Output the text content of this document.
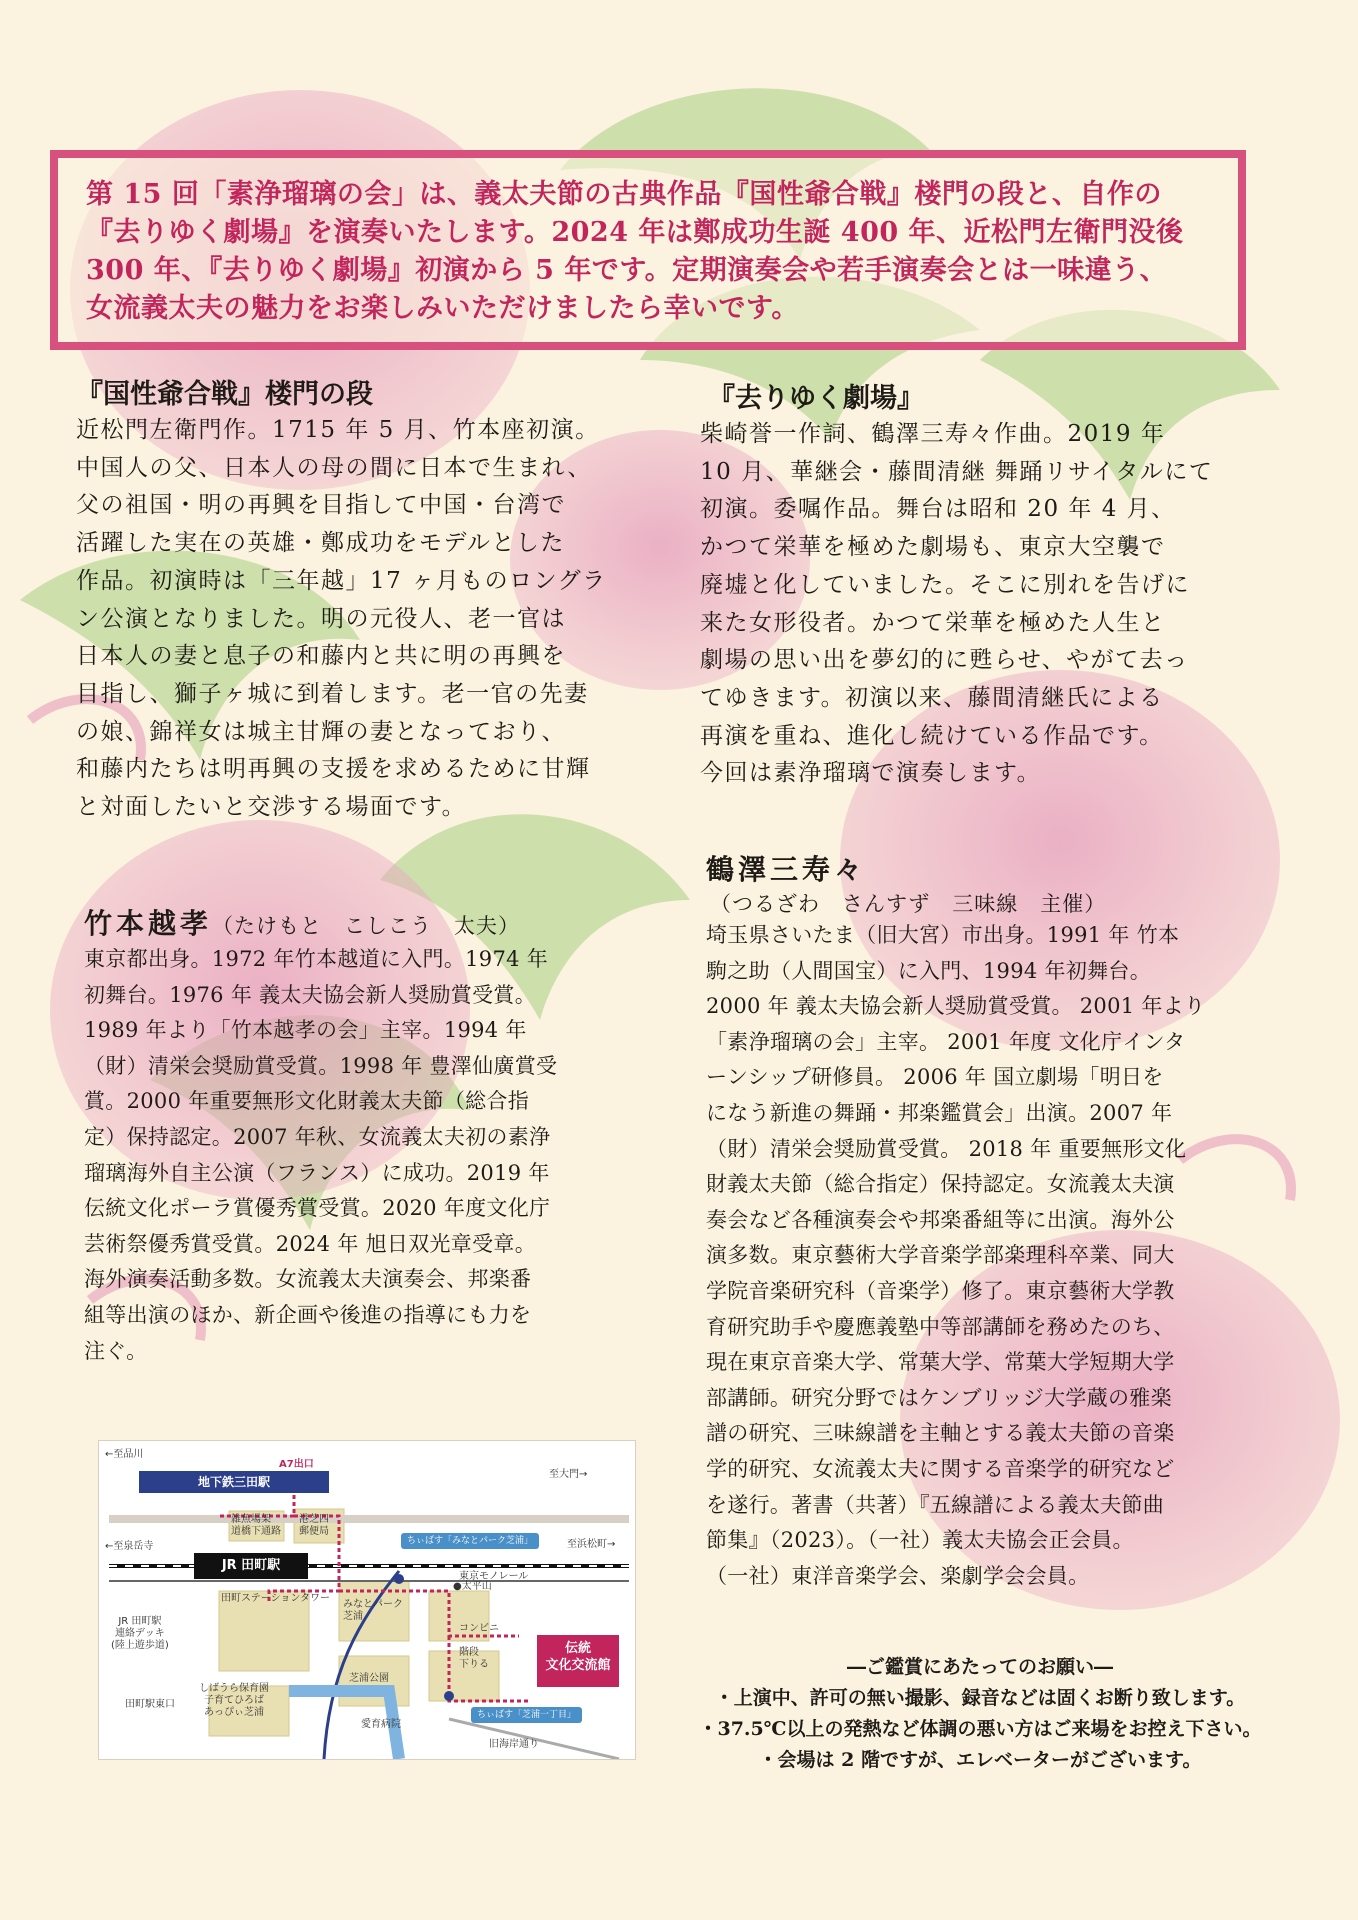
第 15 回「素浄瑠璃の会」は、義太夫節の古典作品『国性爺合戦』楼門の段と、自作の

『去りゆく劇場』を演奏いたします。2024 年は鄭成功生誕 400 年、近松門左衛門没後

300 年、『去りゆく劇場』初演から 5 年です。定期演奏会や若手演奏会とは一味違う、

女流義太夫の魅力をお楽しみいただけましたら幸いです。

『国性爺合戦』楼門の段

近松門左衛門作。1715 年 5 月、竹本座初演。

中国人の父、日本人の母の間に日本で生まれ、

父の祖国・明の再興を目指して中国・台湾で

活躍した実在の英雄・鄭成功をモデルとした

作品。初演時は「三年越」17 ヶ月ものロングラ

ン公演となりました。明の元役人、老一官は

日本人の妻と息子の和藤内と共に明の再興を

目指し、獅子ヶ城に到着します。老一官の先妻

の娘、錦祥女は城主甘輝の妻となっており、

和藤内たちは明再興の支援を求めるために甘輝

と対面したいと交渉する場面です。

『去りゆく劇場』

柴崎誉一作詞、鶴澤三寿々作曲。2019 年

10 月、華継会・藤間清継 舞踊リサイタルにて

初演。委嘱作品。舞台は昭和 20 年 4 月、

かつて栄華を極めた劇場も、東京大空襲で

廃墟と化していました。そこに別れを告げに

来た女形役者。かつて栄華を極めた人生と

劇場の思い出を夢幻的に甦らせ、やがて去っ

てゆきます。初演以来、藤間清継氏による

再演を重ね、進化し続けている作品です。

今回は素浄瑠璃で演奏します。

竹本越孝（たけもと　こしこう　太夫）

東京都出身。1972 年竹本越道に入門。1974 年

初舞台。1976 年 義太夫協会新人奨励賞受賞。

1989 年より「竹本越孝の会」主宰。1994 年

（財）清栄会奨励賞受賞。1998 年 豊澤仙廣賞受

賞。2000 年重要無形文化財義太夫節（総合指

定）保持認定。2007 年秋、女流義太夫初の素浄

瑠璃海外自主公演（フランス）に成功。2019 年

伝統文化ポーラ賞優秀賞受賞。2020 年度文化庁

芸術祭優秀賞受賞。2024 年 旭日双光章受章。

海外演奏活動多数。女流義太夫演奏会、邦楽番

組等出演のほか、新企画や後進の指導にも力を

注ぐ。

鶴澤三寿々

（つるざわ　さんすず　三味線　主催）

埼玉県さいたま（旧大宮）市出身。1991 年 竹本

駒之助（人間国宝）に入門、1994 年初舞台。

2000 年 義太夫協会新人奨励賞受賞。 2001 年より

「素浄瑠璃の会」主宰。 2001 年度 文化庁インタ

ーンシップ研修員。 2006 年 国立劇場「明日を

になう新進の舞踊・邦楽鑑賞会」出演。2007 年

（財）清栄会奨励賞受賞。 2018 年 重要無形文化

財義太夫節（総合指定）保持認定。女流義太夫演

奏会など各種演奏会や邦楽番組等に出演。海外公

演多数。東京藝術大学音楽学部楽理科卒業、同大

学院音楽研究科（音楽学）修了。東京藝術大学教

育研究助手や慶應義塾中等部講師を務めたのち、

現在東京音楽大学、常葉大学、常葉大学短期大学

部講師。研究分野ではケンブリッジ大学蔵の雅楽

譜の研究、三味線譜を主軸とする義太夫節の音楽

学的研究、女流義太夫に関する音楽学的研究など

を遂行。著書（共著）『五線譜による義太夫節曲

節集』（2023）。（一社）義太夫協会正会員。

（一社）東洋音楽学会、楽劇学会会員。

地下鉄三田駅
JR 田町駅
A7出口
←至品川
←至泉岳寺
至大門→
至浜松町→
雑魚場架
道橋下通路
港芝四
郵便局
ちぃばす「みなとパーク芝浦」
東京モノレール
田町ステーションタワー
JR 田町駅
連絡デッキ
(陸上遊歩道)
みなとパーク
芝浦
●太平山
コンビニ
階段
下りる
伝統
文化交流館
芝浦公園
しばうら保育園
子育てひろば
あっぴぃ芝浦
田町駅東口
愛育病院
ちぃばす「芝浦一丁目」
旧海岸通り

―ご鑑賞にあたってのお願い―

・上演中、許可の無い撮影、録音などは固くお断り致します。

・37.5℃以上の発熱など体調の悪い方はご来場をお控え下さい。

・会場は 2 階ですが、エレベーターがございます。
